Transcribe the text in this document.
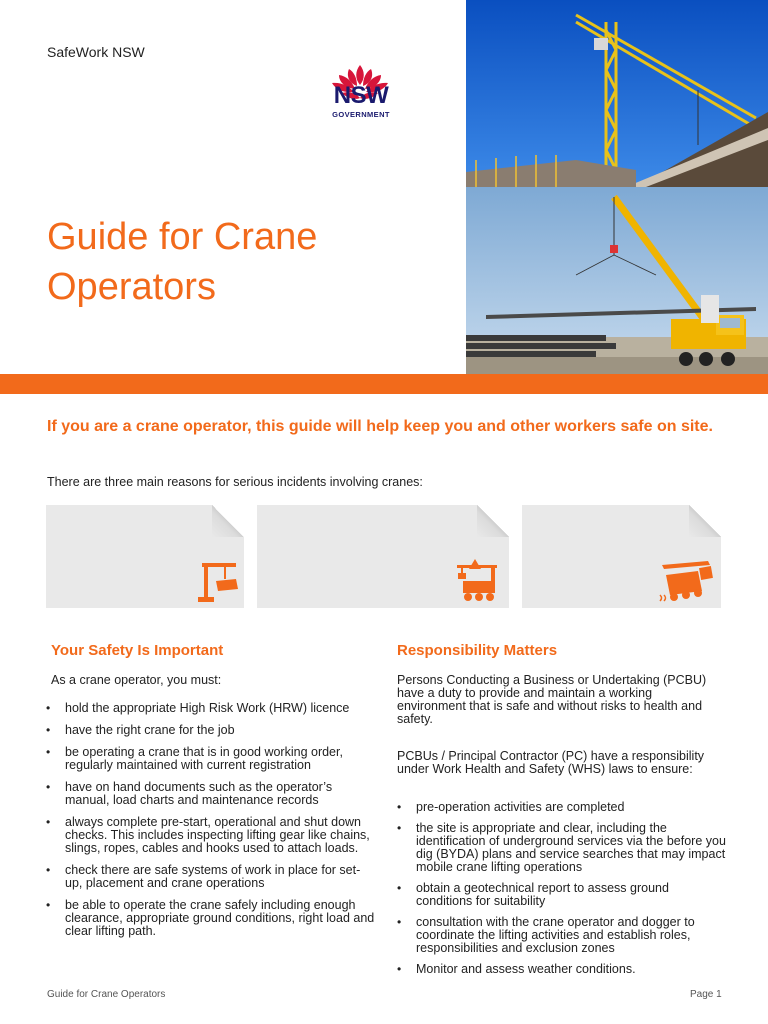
SafeWork NSW
NSW
GOVERNMENT
Guide for Crane Operators
If you are a crane operator, this guide will help keep you and other workers safe on site.
There are three main reasons for serious incidents involving cranes:
Your Safety Is Important
As a crane operator, you must:
• hold the appropriate High Risk Work (HRW) licence
• have the right crane for the job
• be operating a crane that is in good working order, regularly maintained with current registration
• have on hand documents such as the operator’s manual, load charts and maintenance records
• always complete pre-start, operational and shut down checks. This includes inspecting lifting gear like chains, slings, ropes, cables and hooks used to attach loads.
• check there are safe systems of work in place for set-up, placement and crane operations
• be able to operate the crane safely including enough clearance, appropriate ground conditions, right load and clear lifting path.
Responsibility Matters
Persons Conducting a Business or Undertaking (PCBU) have a duty to provide and maintain a working environment that is safe and without risks to health and safety.
PCBUs / Principal Contractor (PC) have a responsibility under Work Health and Safety (WHS) laws to ensure:
• pre-operation activities are completed
• the site is appropriate and clear, including the identification of underground services via the before you dig (BYDA) plans and service searches that may impact mobile crane lifting operations
• obtain a geotechnical report to assess ground conditions for suitability
• consultation with the crane operator and dogger to coordinate the lifting activities and establish roles, responsibilities and exclusion zones
• Monitor and assess weather conditions.
Guide for Crane Operators	Page 1
